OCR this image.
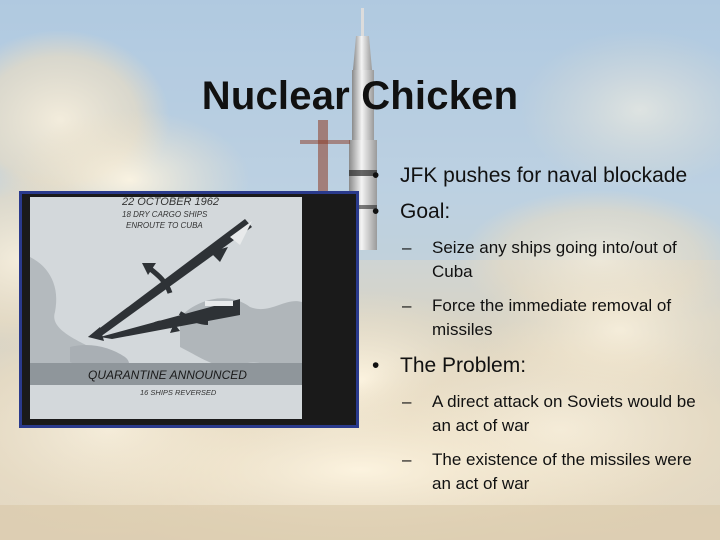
Nuclear Chicken
22 OCTOBER 1962
18 DRY CARGO SHIPS
ENROUTE TO CUBA
QUARANTINE ANNOUNCED
16 SHIPS REVERSED
• JFK pushes for naval blockade
• Goal:
–	Seize any ships going into/out of Cuba
–	Force the immediate removal of missiles
• The Problem:
–	A direct attack on Soviets would be an act of war
–	The existence of the missiles were an act of war
